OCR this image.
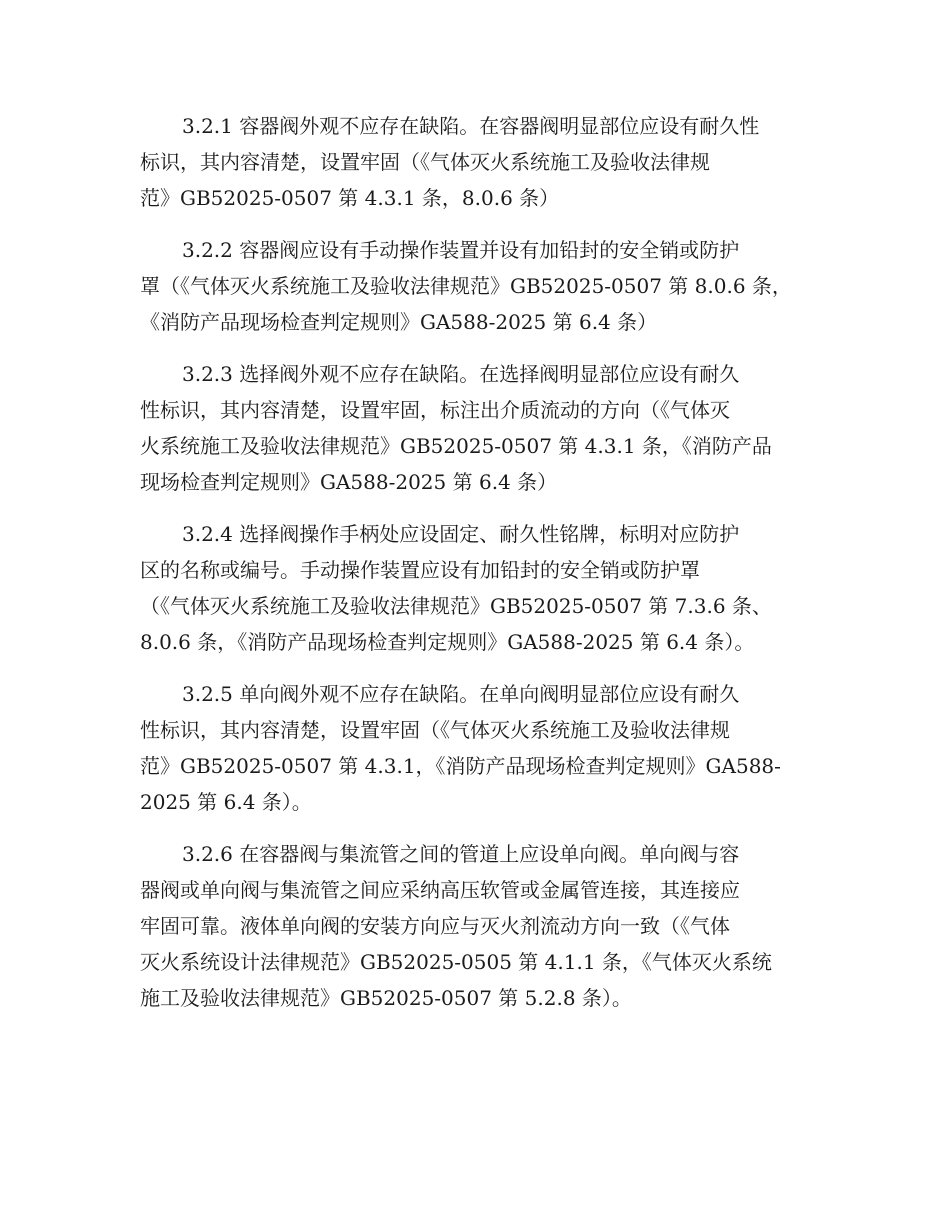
3.2.1 容器阀外观不应存在缺陷。在容器阀明显部位应设有耐久性
标识，其内容清楚，设置牢固（《气体灭火系统施工及验收法律规
范》GB52025-0507 第 4.3.1 条，8.0.6 条）

3.2.2 容器阀应设有手动操作装置并设有加铅封的安全销或防护
罩（《气体灭火系统施工及验收法律规范》GB52025-0507 第 8.0.6 条，
《消防产品现场检查判定规则》GA588-2025 第 6.4 条）

3.2.3 选择阀外观不应存在缺陷。在选择阀明显部位应设有耐久
性标识，其内容清楚，设置牢固，标注出介质流动的方向（《气体灭
火系统施工及验收法律规范》GB52025-0507 第 4.3.1 条，《消防产品
现场检查判定规则》GA588-2025 第 6.4 条）

3.2.4 选择阀操作手柄处应设固定、耐久性铭牌，标明对应防护
区的名称或编号。手动操作装置应设有加铅封的安全销或防护罩
（《气体灭火系统施工及验收法律规范》GB52025-0507 第 7.3.6 条、
8.0.6 条，《消防产品现场检查判定规则》GA588-2025 第 6.4 条）。

3.2.5 单向阀外观不应存在缺陷。在单向阀明显部位应设有耐久
性标识，其内容清楚，设置牢固（《气体灭火系统施工及验收法律规
范》GB52025-0507 第 4.3.1，《消防产品现场检查判定规则》GA588-
2025 第 6.4 条）。

3.2.6 在容器阀与集流管之间的管道上应设单向阀。单向阀与容
器阀或单向阀与集流管之间应采纳高压软管或金属管连接，其连接应
牢固可靠。液体单向阀的安装方向应与灭火剂流动方向一致（《气体
灭火系统设计法律规范》GB52025-0505 第 4.1.1 条，《气体灭火系统
施工及验收法律规范》GB52025-0507 第 5.2.8 条）。
